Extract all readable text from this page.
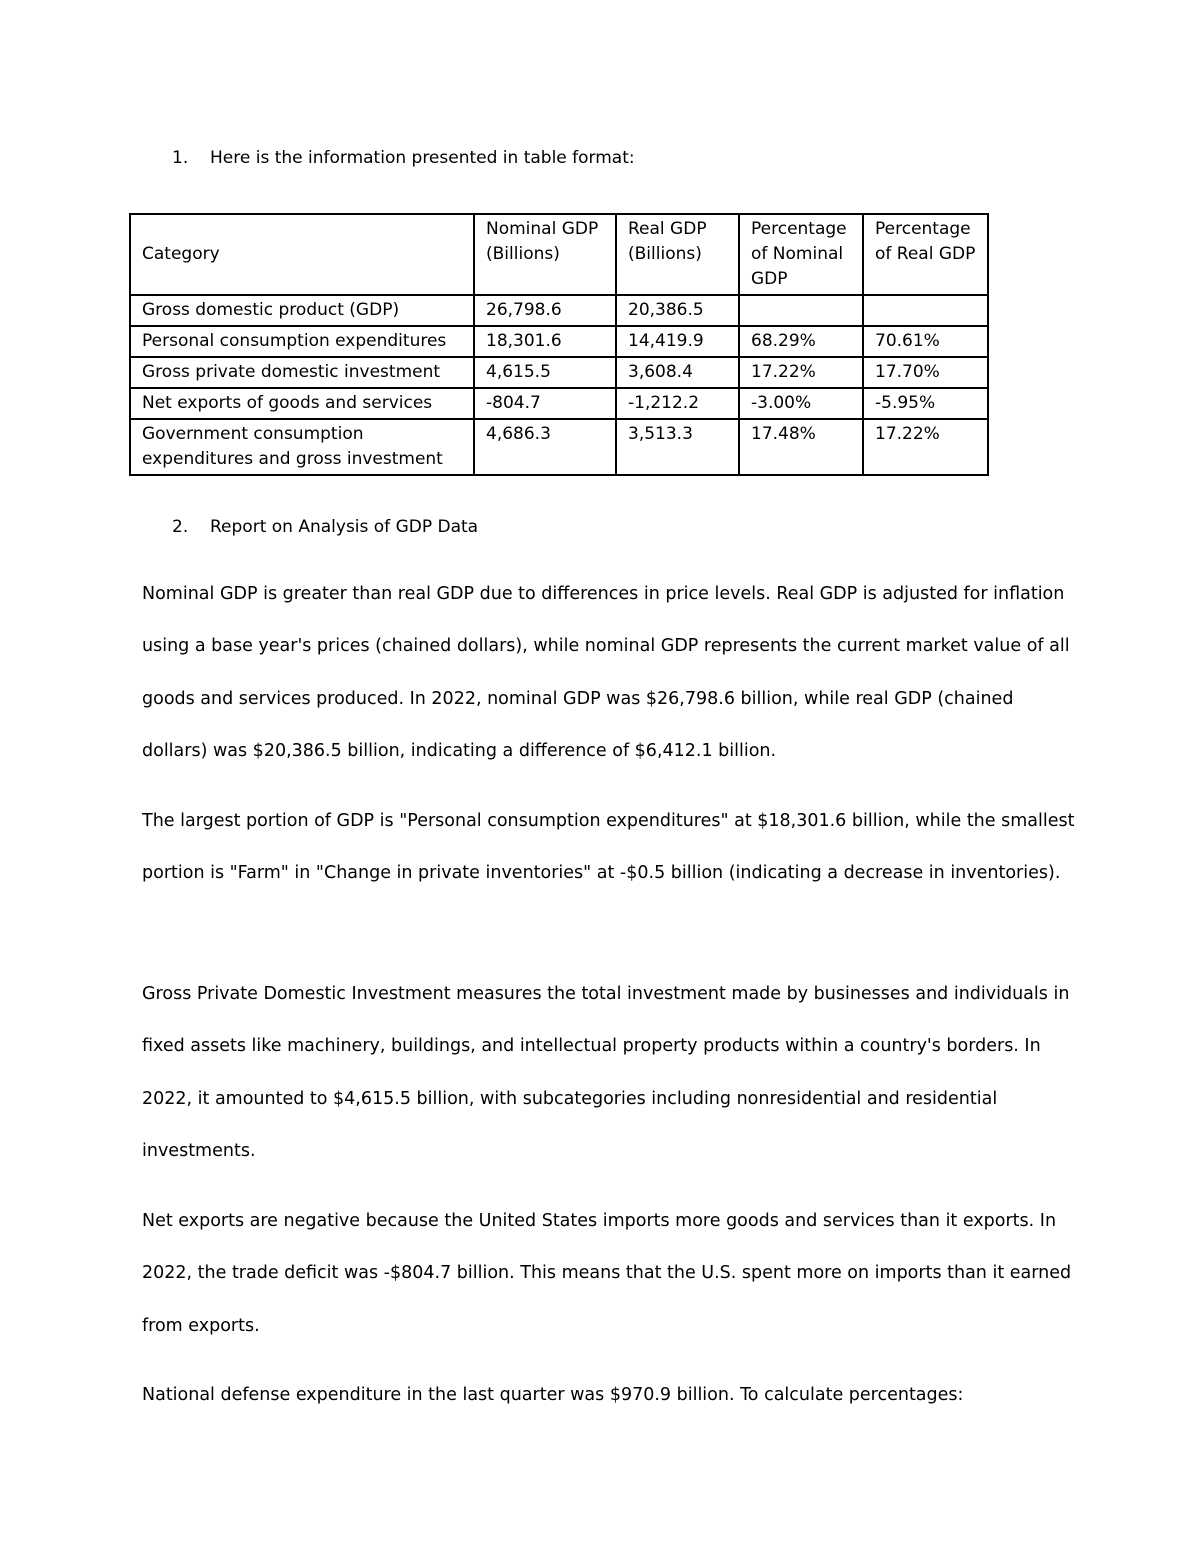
1. Here is the information presented in table format:
Category	Nominal GDP (Billions)	Real GDP (Billions)	Percentage of Nominal GDP	Percentage of Real GDP
Gross domestic product (GDP)	26,798.6	20,386.5		
Personal consumption expenditures	18,301.6	14,419.9	68.29%	70.61%
Gross private domestic investment	4,615.5	3,608.4	17.22%	17.70%
Net exports of goods and services	-804.7	-1,212.2	-3.00%	-5.95%
Government consumption expenditures and gross investment	4,686.3	3,513.3	17.48%	17.22%
2. Report on Analysis of GDP Data

Nominal GDP is greater than real GDP due to differences in price levels. Real GDP is adjusted for inflation using a base year's prices (chained dollars), while nominal GDP represents the current market value of all goods and services produced. In 2022, nominal GDP was $26,798.6 billion, while real GDP (chained dollars) was $20,386.5 billion, indicating a difference of $6,412.1 billion.

The largest portion of GDP is "Personal consumption expenditures" at $18,301.6 billion, while the smallest portion is "Farm" in "Change in private inventories" at -$0.5 billion (indicating a decrease in inventories).

Gross Private Domestic Investment measures the total investment made by businesses and individuals in fixed assets like machinery, buildings, and intellectual property products within a country's borders. In 2022, it amounted to $4,615.5 billion, with subcategories including nonresidential and residential investments.

Net exports are negative because the United States imports more goods and services than it exports. In 2022, the trade deficit was -$804.7 billion. This means that the U.S. spent more on imports than it earned from exports.

National defense expenditure in the last quarter was $970.9 billion. To calculate percentages:
